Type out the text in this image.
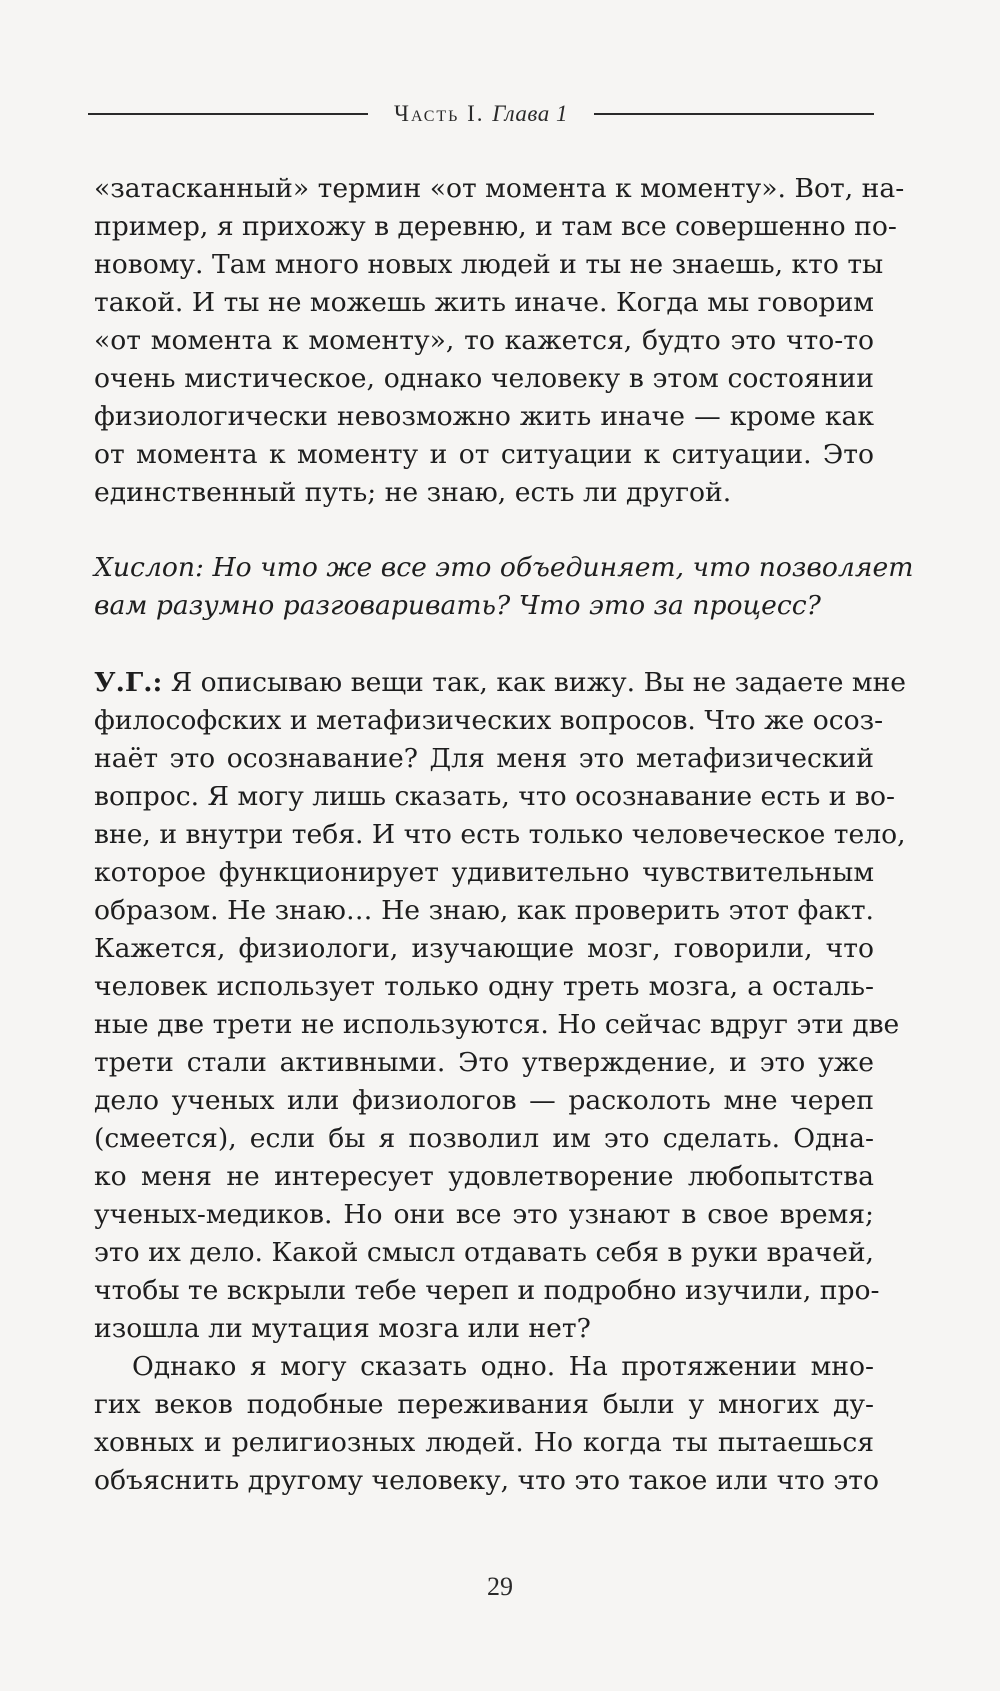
Часть I. Глава 1
«затасканный» термин «от момента к моменту». Вот, на-
пример, я прихожу в деревню, и там все совершенно по-
новому. Там много новых людей и ты не знаешь, кто ты
такой. И ты не можешь жить иначе. Когда мы говорим
«от момента к моменту», то кажется, будто это что-то
очень мистическое, однако человеку в этом состоянии
физиологически невозможно жить иначе — кроме как
от момента к моменту и от ситуации к ситуации. Это
единственный путь; не знаю, есть ли другой.
Хислоп: Но что же все это объединяет, что позволяет
вам разумно разговаривать? Что это за процесс?
У.Г.: Я описываю вещи так, как вижу. Вы не задаете мне
философских и метафизических вопросов. Что же осоз-
наёт это осознавание? Для меня это метафизический
вопрос. Я могу лишь сказать, что осознавание есть и во-
вне, и внутри тебя. И что есть только человеческое тело,
которое функционирует удивительно чувствительным
образом. Не знаю… Не знаю, как проверить этот факт.
Кажется, физиологи, изучающие мозг, говорили, что
человек использует только одну треть мозга, а осталь-
ные две трети не используются. Но сейчас вдруг эти две
трети стали активными. Это утверждение, и это уже
дело ученых или физиологов — расколоть мне череп
(смеется), если бы я позволил им это сделать. Одна-
ко меня не интересует удовлетворение любопытства
ученых-медиков. Но они все это узнают в свое время;
это их дело. Какой смысл отдавать себя в руки врачей,
чтобы те вскрыли тебе череп и подробно изучили, про-
изошла ли мутация мозга или нет?
Однако я могу сказать одно. На протяжении мно-
гих веков подобные переживания были у многих ду-
ховных и религиозных людей. Но когда ты пытаешься
объяснить другому человеку, что это такое или что это
29
